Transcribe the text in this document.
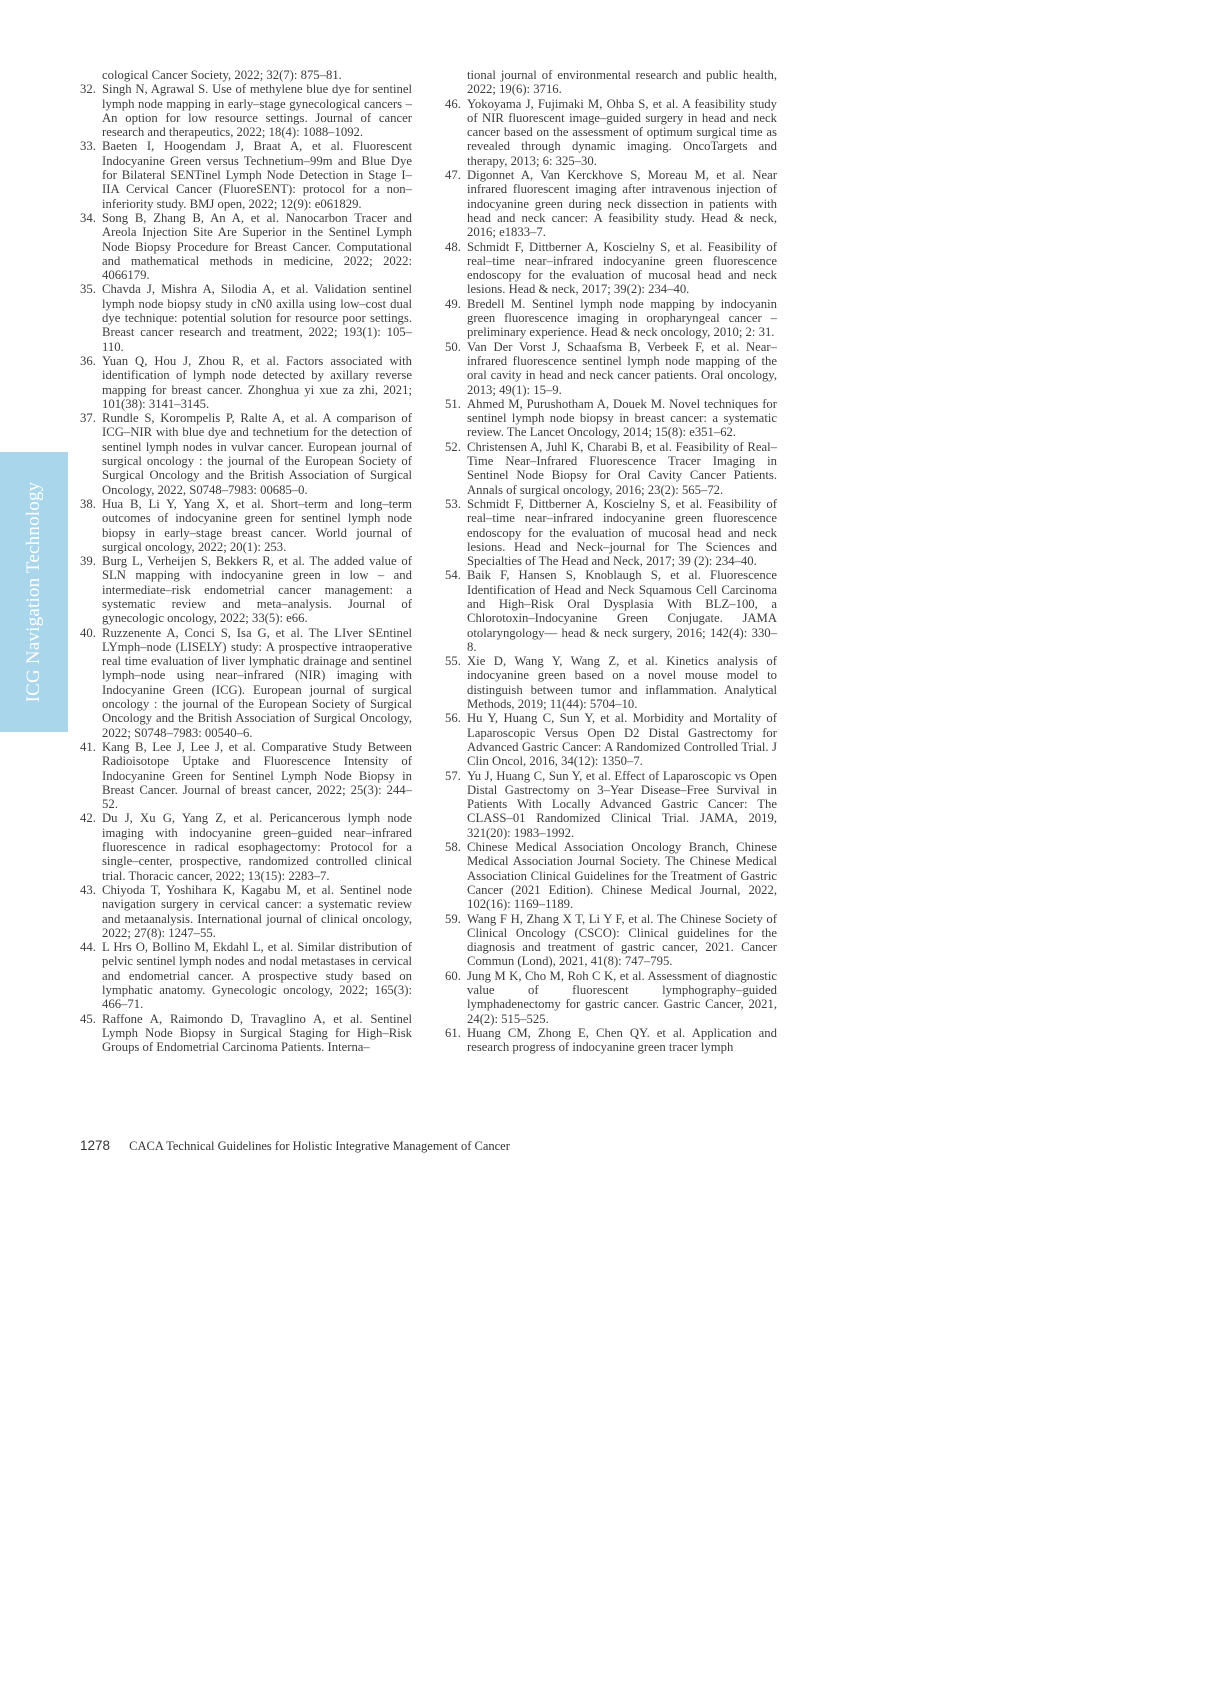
ICG Navigation Technology
cological Cancer Society, 2022; 32(7): 875–81.
32. Singh N, Agrawal S. Use of methylene blue dye for sentinel lymph node mapping in early–stage gynecological cancers – An option for low resource settings. Journal of cancer research and therapeutics, 2022; 18(4): 1088–1092.
33. Baeten I, Hoogendam J, Braat A, et al. Fluorescent Indocyanine Green versus Technetium–99m and Blue Dye for Bilateral SENTinel Lymph Node Detection in Stage I–IIA Cervical Cancer (FluoreSENT): protocol for a non–inferiority study. BMJ open, 2022; 12(9): e061829.
34. Song B, Zhang B, An A, et al. Nanocarbon Tracer and Areola Injection Site Are Superior in the Sentinel Lymph Node Biopsy Procedure for Breast Cancer. Computational and mathematical methods in medicine, 2022; 2022: 4066179.
35. Chavda J, Mishra A, Silodia A, et al. Validation sentinel lymph node biopsy study in cN0 axilla using low–cost dual dye technique: potential solution for resource poor settings. Breast cancer research and treatment, 2022; 193(1): 105–110.
36. Yuan Q, Hou J, Zhou R, et al. Factors associated with identification of lymph node detected by axillary reverse mapping for breast cancer. Zhonghua yi xue za zhi, 2021; 101(38): 3141–3145.
37. Rundle S, Korompelis P, Ralte A, et al. A comparison of ICG–NIR with blue dye and technetium for the detection of sentinel lymph nodes in vulvar cancer. European journal of surgical oncology : the journal of the European Society of Surgical Oncology and the British Association of Surgical Oncology, 2022, S0748–7983: 00685–0.
38. Hua B, Li Y, Yang X, et al. Short–term and long–term outcomes of indocyanine green for sentinel lymph node biopsy in early–stage breast cancer. World journal of surgical oncology, 2022; 20(1): 253.
39. Burg L, Verheijen S, Bekkers R, et al. The added value of SLN mapping with indocyanine green in low – and intermediate–risk endometrial cancer management: a systematic review and meta–analysis. Journal of gynecologic oncology, 2022; 33(5): e66.
40. Ruzzenente A, Conci S, Isa G, et al. The LIver SEntinel LYmph–node (LISELY) study: A prospective intraoperative real time evaluation of liver lymphatic drainage and sentinel lymph–node using near–infrared (NIR) imaging with Indocyanine Green (ICG). European journal of surgical oncology : the journal of the European Society of Surgical Oncology and the British Association of Surgical Oncology, 2022; S0748–7983: 00540–6.
41. Kang B, Lee J, Lee J, et al. Comparative Study Between Radioisotope Uptake and Fluorescence Intensity of Indocyanine Green for Sentinel Lymph Node Biopsy in Breast Cancer. Journal of breast cancer, 2022; 25(3): 244–52.
42. Du J, Xu G, Yang Z, et al. Pericancerous lymph node imaging with indocyanine green–guided near–infrared fluorescence in radical esophagectomy: Protocol for a single–center, prospective, randomized controlled clinical trial. Thoracic cancer, 2022; 13(15): 2283–7.
43. Chiyoda T, Yoshihara K, Kagabu M, et al. Sentinel node navigation surgery in cervical cancer: a systematic review and metaanalysis. International journal of clinical oncology, 2022; 27(8): 1247–55.
44. L Hrs O, Bollino M, Ekdahl L, et al. Similar distribution of pelvic sentinel lymph nodes and nodal metastases in cervical and endometrial cancer. A prospective study based on lymphatic anatomy. Gynecologic oncology, 2022; 165(3): 466–71.
45. Raffone A, Raimondo D, Travaglino A, et al. Sentinel Lymph Node Biopsy in Surgical Staging for High–Risk Groups of Endometrial Carcinoma Patients. Interna–
tional journal of environmental research and public health, 2022; 19(6): 3716.
46. Yokoyama J, Fujimaki M, Ohba S, et al. A feasibility study of NIR fluorescent image–guided surgery in head and neck cancer based on the assessment of optimum surgical time as revealed through dynamic imaging. OncoTargets and therapy, 2013; 6: 325–30.
47. Digonnet A, Van Kerckhove S, Moreau M, et al. Near infrared fluorescent imaging after intravenous injection of indocyanine green during neck dissection in patients with head and neck cancer: A feasibility study. Head & neck, 2016; e1833–7.
48. Schmidt F, Dittberner A, Koscielny S, et al. Feasibility of real–time near–infrared indocyanine green fluorescence endoscopy for the evaluation of mucosal head and neck lesions. Head & neck, 2017; 39(2): 234–40.
49. Bredell M. Sentinel lymph node mapping by indocyanin green fluorescence imaging in oropharyngeal cancer – preliminary experience. Head & neck oncology, 2010; 2: 31.
50. Van Der Vorst J, Schaafsma B, Verbeek F, et al. Near–infrared fluorescence sentinel lymph node mapping of the oral cavity in head and neck cancer patients. Oral oncology, 2013; 49(1): 15–9.
51. Ahmed M, Purushotham A, Douek M. Novel techniques for sentinel lymph node biopsy in breast cancer: a systematic review. The Lancet Oncology, 2014; 15(8): e351–62.
52. Christensen A, Juhl K, Charabi B, et al. Feasibility of Real–Time Near–Infrared Fluorescence Tracer Imaging in Sentinel Node Biopsy for Oral Cavity Cancer Patients. Annals of surgical oncology, 2016; 23(2): 565–72.
53. Schmidt F, Dittberner A, Koscielny S, et al. Feasibility of real–time near–infrared indocyanine green fluorescence endoscopy for the evaluation of mucosal head and neck lesions. Head and Neck–journal for The Sciences and Specialties of The Head and Neck, 2017; 39 (2): 234–40.
54. Baik F, Hansen S, Knoblaugh S, et al. Fluorescence Identification of Head and Neck Squamous Cell Carcinoma and High–Risk Oral Dysplasia With BLZ–100, a Chlorotoxin–Indocyanine Green Conjugate. JAMA otolaryngology–– head & neck surgery, 2016; 142(4): 330–8.
55. Xie D, Wang Y, Wang Z, et al. Kinetics analysis of indocyanine green based on a novel mouse model to distinguish between tumor and inflammation. Analytical Methods, 2019; 11(44): 5704–10.
56. Hu Y, Huang C, Sun Y, et al. Morbidity and Mortality of Laparoscopic Versus Open D2 Distal Gastrectomy for Advanced Gastric Cancer: A Randomized Controlled Trial. J Clin Oncol, 2016, 34(12): 1350–7.
57. Yu J, Huang C, Sun Y, et al. Effect of Laparoscopic vs Open Distal Gastrectomy on 3–Year Disease–Free Survival in Patients With Locally Advanced Gastric Cancer: The CLASS–01 Randomized Clinical Trial. JAMA, 2019, 321(20): 1983–1992.
58. Chinese Medical Association Oncology Branch, Chinese Medical Association Journal Society. The Chinese Medical Association Clinical Guidelines for the Treatment of Gastric Cancer (2021 Edition). Chinese Medical Journal, 2022, 102(16): 1169–1189.
59. Wang F H, Zhang X T, Li Y F, et al. The Chinese Society of Clinical Oncology (CSCO): Clinical guidelines for the diagnosis and treatment of gastric cancer, 2021. Cancer Commun (Lond), 2021, 41(8): 747–795.
60. Jung M K, Cho M, Roh C K, et al. Assessment of diagnostic value of fluorescent lymphography–guided lymphadenectomy for gastric cancer. Gastric Cancer, 2021, 24(2): 515–525.
61. Huang CM, Zhong E, Chen QY. et al. Application and research progress of indocyanine green tracer lymph
1278 CACA Technical Guidelines for Holistic Integrative Management of Cancer
